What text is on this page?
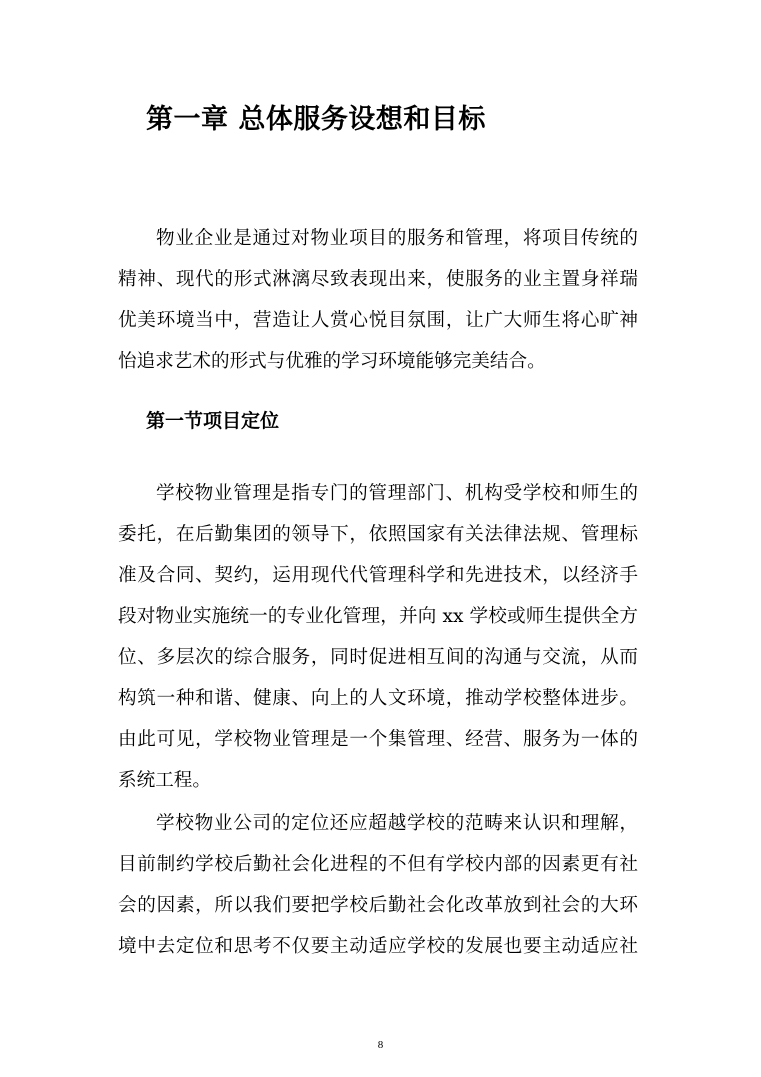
第一章 总体服务设想和目标
物业企业是通过对物业项目的服务和管理，将项目传统的
精神、现代的形式淋漓尽致表现出来，使服务的业主置身祥瑞
优美环境当中，营造让人赏心悦目氛围，让广大师生将心旷神
怡追求艺术的形式与优雅的学习环境能够完美结合。
第一节项目定位
学校物业管理是指专门的管理部门、机构受学校和师生的
委托，在后勤集团的领导下，依照国家有关法律法规、管理标
准及合同、契约，运用现代代管理科学和先进技术，以经济手
段对物业实施统一的专业化管理，并向 xx 学校或师生提供全方
位、多层次的综合服务，同时促进相互间的沟通与交流，从而
构筑一种和谐、健康、向上的人文环境，推动学校整体进步。
由此可见，学校物业管理是一个集管理、经营、服务为一体的
系统工程。
学校物业公司的定位还应超越学校的范畴来认识和理解，
目前制约学校后勤社会化进程的不但有学校内部的因素更有社
会的因素，所以我们要把学校后勤社会化改革放到社会的大环
境中去定位和思考不仅要主动适应学校的发展也要主动适应社
8
